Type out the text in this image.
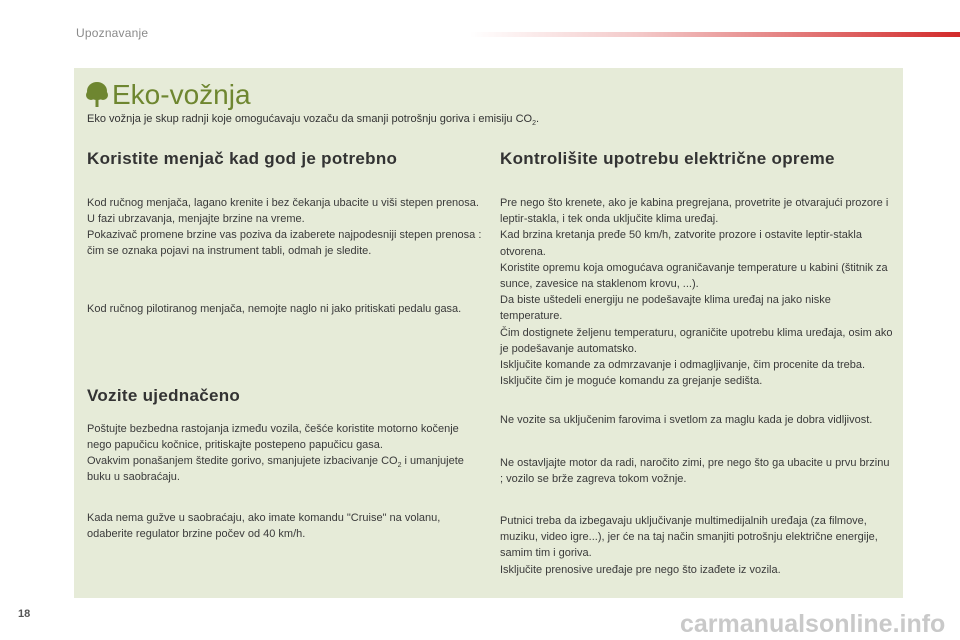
Upoznavanje
Eko-vožnja
Eko vožnja je skup radnji koje omogućavaju vozaču da smanji potrošnju goriva i emisiju $CO_2$.
Koristite menjač kad god je potrebno

Kod ručnog menjača, lagano krenite i bez čekanja ubacite u viši stepen prenosa. U fazi ubrzavanja, menjajte brzine na vreme.

Pokazivač promene brzine vas poziva da izaberete najpodesniji stepen prenosa : čim se oznaka pojavi na instrument tabli, odmah je sledite.

Kod ručnog pilotiranog menjača, nemojte naglo ni jako pritiskati pedalu gasa.

Vozite ujednačeno

Poštujte bezbedna rastojanja između vozila, češće koristite motorno kočenje nego papučicu kočnice, pritiskajte postepeno papučicu gasa.

Ovakvim ponašanjem štedite gorivo, smanjujete izbacivanje $CO_2$ i umanjujete buku u saobraćaju.

Kada nema gužve u saobraćaju, ako imate komandu "Cruise" na volanu, odaberite regulator brzine počev od 40 km/h.

Kontrolišite upotrebu električne opreme

Pre nego što krenete, ako je kabina pregrejana, provetrite je otvarajući prozore i leptir-stakla, i tek onda uključite klima uređaj.
Kad brzina kretanja pređe 50 km/h, zatvorite prozore i ostavite leptir-stakla otvorena.
Koristite opremu koja omogućava ograničavanje temperature u kabini (štitnik za sunce, zavesice na staklenom krovu, ...).
Da biste uštedeli energiju ne podešavajte klima uređaj na jako niske temperature.
Čim dostignete željenu temperaturu, ograničite upotrebu klima uređaja, osim ako je podešavanje automatsko.
Isključite komande za odmrzavanje i odmagljivanje, čim procenite da treba.
Isključite čim je moguće komandu za grejanje sedišta.

Ne vozite sa uključenim farovima i svetlom za maglu kada je dobra vidljivost.

Ne ostavljajte motor da radi, naročito zimi, pre nego što ga ubacite u prvu brzinu ; vozilo se brže zagreva tokom vožnje.

Putnici treba da izbegavaju uključivanje multimedijalnih uređaja (za filmove, muziku, video igre...), jer će na taj način smanjiti potrošnju električne energije, samim tim i goriva.
Isključite prenosive uređaje pre nego što izađete iz vozila.

18	carmanualsonline.info
